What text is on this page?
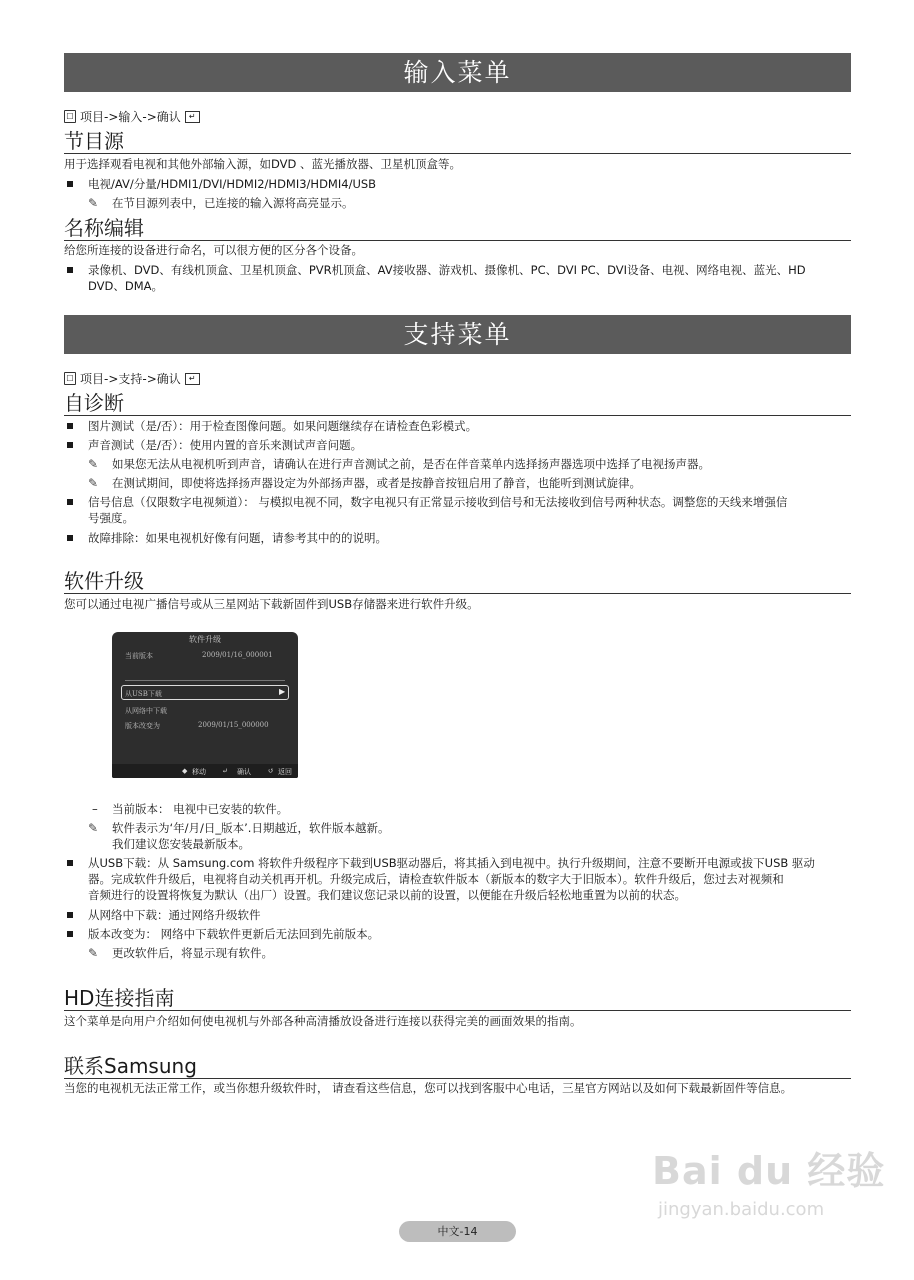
输入菜单
☐ 项目->输入->确认	↵
节目源
用于选择观看电视和其他外部输入源，如DVD 、蓝光播放器、卫星机顶盒等。
电视/AV/分量/HDMI1/DVI/HDMI2/HDMI3/HDMI4/USB
✎ 在节目源列表中，已连接的输入源将高亮显示。
名称编辑
给您所连接的设备进行命名，可以很方便的区分各个设备。
录像机、DVD、有线机顶盒、卫星机顶盒、PVR机顶盒、AV接收器、游戏机、摄像机、PC、DVI PC、DVI设备、电视、网络电视、蓝光、HD
DVD、DMA。
支持菜单
☐ 项目->支持->确认	↵
自诊断
图片测试（是/否）：用于检查图像问题。如果问题继续存在请检查色彩模式。
声音测试（是/否）：使用内置的音乐来测试声音问题。
✎ 如果您无法从电视机听到声音，请确认在进行声音测试之前，是否在伴音菜单内选择扬声器选项中选择了电视扬声器。
✎ 在测试期间，即使将选择扬声器设定为外部扬声器，或者是按静音按钮启用了静音，也能听到测试旋律。
信号信息（仅限数字电视频道）： 与模拟电视不同，数字电视只有正常显示接收到信号和无法接收到信号两种状态。调整您的天线来增强信
号强度。
故障排除：如果电视机好像有问题，请参考其中的的说明。
软件升级
您可以通过电视广播信号或从三星网站下载新固件到USB存储器来进行软件升级。
软件升级
当前版本	2009/01/16_000001
从USB下载	▶
从网络中下载
版本改变为	2009/01/15_000000
◆ 移动 ↵ 确认 ↺ 返回
– 当前版本： 电视中已安装的软件。
✎ 软件表示为‘年/月/日_版本’.日期越近，软件版本越新。
我们建议您安装最新版本。
从USB下载：从 Samsung.com 将软件升级程序下载到USB驱动器后，将其插入到电视中。执行升级期间，注意不要断开电源或拔下USB 驱动
器。完成软件升级后，电视将自动关机再开机。升级完成后，请检查软件版本（新版本的数字大于旧版本）。软件升级后，您过去对视频和
音频进行的设置将恢复为默认（出厂）设置。我们建议您记录以前的设置，以便能在升级后轻松地重置为以前的状态。
从网络中下载：通过网络升级软件
版本改变为： 网络中下载软件更新后无法回到先前版本。
✎ 更改软件后，将显示现有软件。
HD连接指南
这个菜单是向用户介绍如何使电视机与外部各种高清播放设备进行连接以获得完美的画面效果的指南。
联系Samsung
当您的电视机无法正常工作，或当你想升级软件时， 请查看这些信息，您可以找到客服中心电话，三星官方网站以及如何下载最新固件等信息。
Bai du 经验
jingyan.baidu.com
中文-14
